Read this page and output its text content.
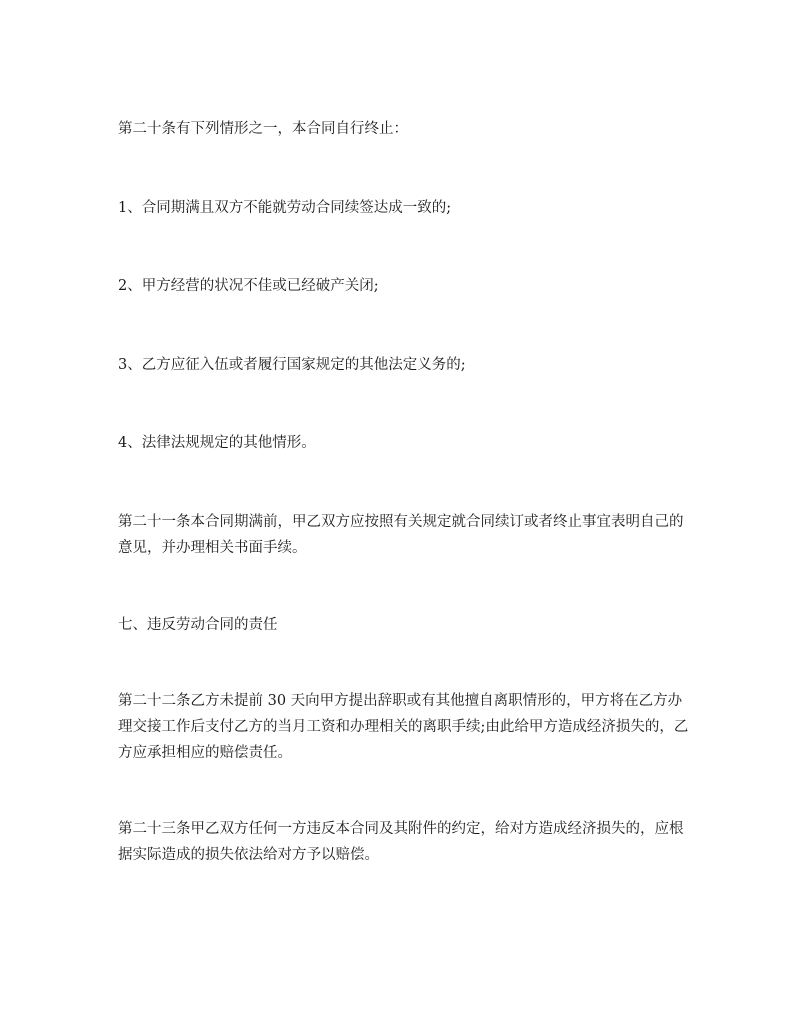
第二十条有下列情形之一，本合同自行终止：

1、合同期满且双方不能就劳动合同续签达成一致的;

2、甲方经营的状况不佳或已经破产关闭;

3、乙方应征入伍或者履行国家规定的其他法定义务的;

4、法律法规规定的其他情形。

第二十一条本合同期满前，甲乙双方应按照有关规定就合同续订或者终止事宜表明自己的意见，并办理相关书面手续。

七、违反劳动合同的责任

第二十二条乙方未提前 30 天向甲方提出辞职或有其他擅自离职情形的，甲方将在乙方办理交接工作后支付乙方的当月工资和办理相关的离职手续;由此给甲方造成经济损失的，乙方应承担相应的赔偿责任。

第二十三条甲乙双方任何一方违反本合同及其附件的约定，给对方造成经济损失的，应根据实际造成的损失依法给对方予以赔偿。
